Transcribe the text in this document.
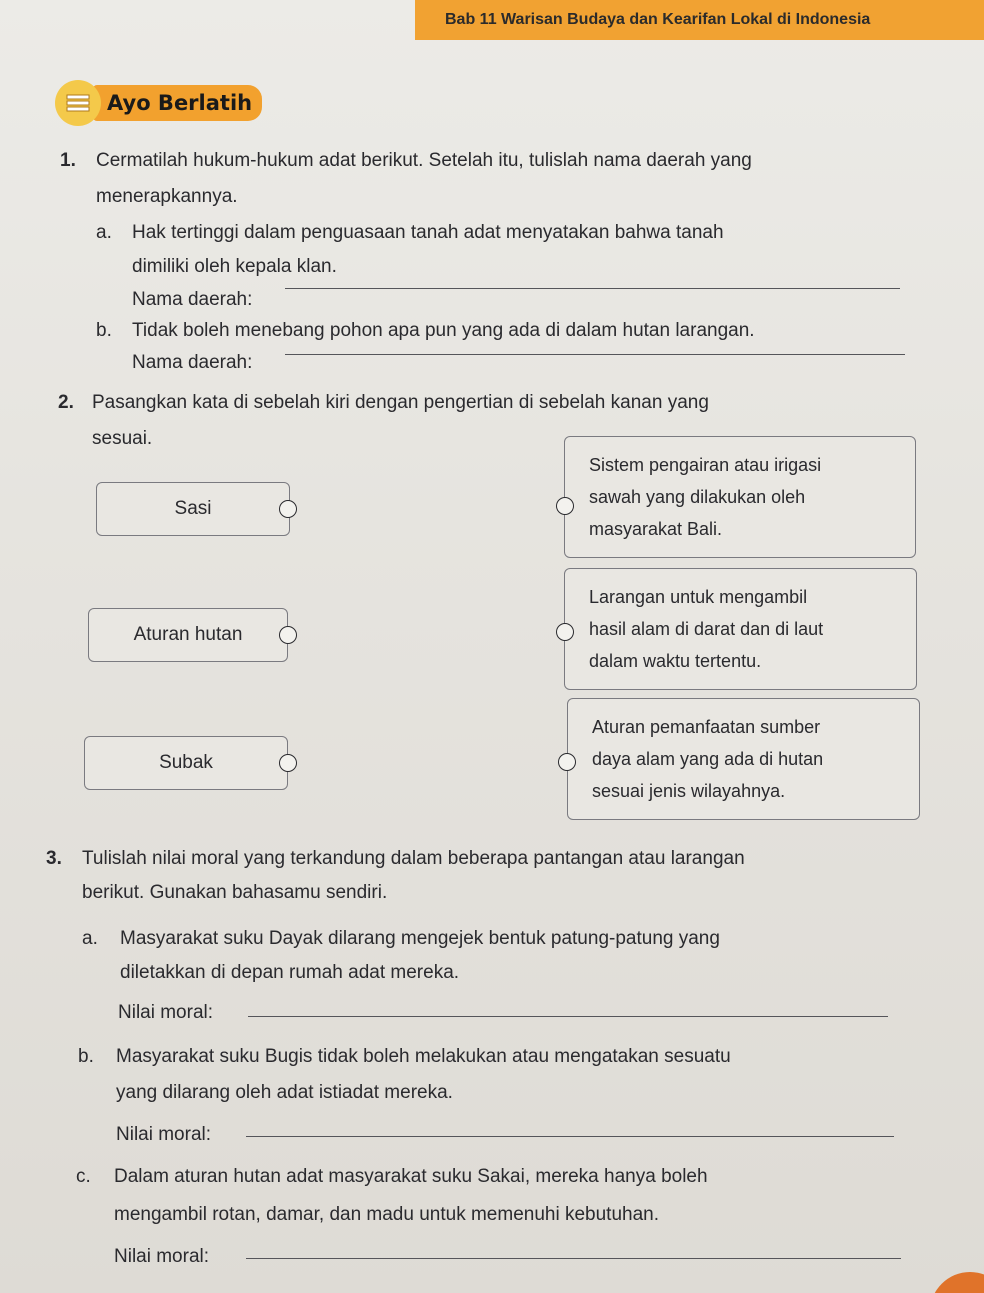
Bab 11 Warisan Budaya dan Kearifan Lokal di Indonesia
Ayo Berlatih
1. Cermatilah hukum-hukum adat berikut. Setelah itu, tulislah nama daerah yang
menerapkannya.
a. Hak tertinggi dalam penguasaan tanah adat menyatakan bahwa tanah
dimiliki oleh kepala klan.
Nama daerah:
b. Tidak boleh menebang pohon apa pun yang ada di dalam hutan larangan.
Nama daerah:
2. Pasangkan kata di sebelah kiri dengan pengertian di sebelah kanan yang
sesuai.
Sasi
Aturan hutan
Subak
Sistem pengairan atau irigasi
sawah yang dilakukan oleh
masyarakat Bali.
Larangan untuk mengambil
hasil alam di darat dan di laut
dalam waktu tertentu.
Aturan pemanfaatan sumber
daya alam yang ada di hutan
sesuai jenis wilayahnya.
3. Tulislah nilai moral yang terkandung dalam beberapa pantangan atau larangan
berikut. Gunakan bahasamu sendiri.
a. Masyarakat suku Dayak dilarang mengejek bentuk patung-patung yang
diletakkan di depan rumah adat mereka.
Nilai moral:
b. Masyarakat suku Bugis tidak boleh melakukan atau mengatakan sesuatu
yang dilarang oleh adat istiadat mereka.
Nilai moral:
c. Dalam aturan hutan adat masyarakat suku Sakai, mereka hanya boleh
mengambil rotan, damar, dan madu untuk memenuhi kebutuhan.
Nilai moral:
